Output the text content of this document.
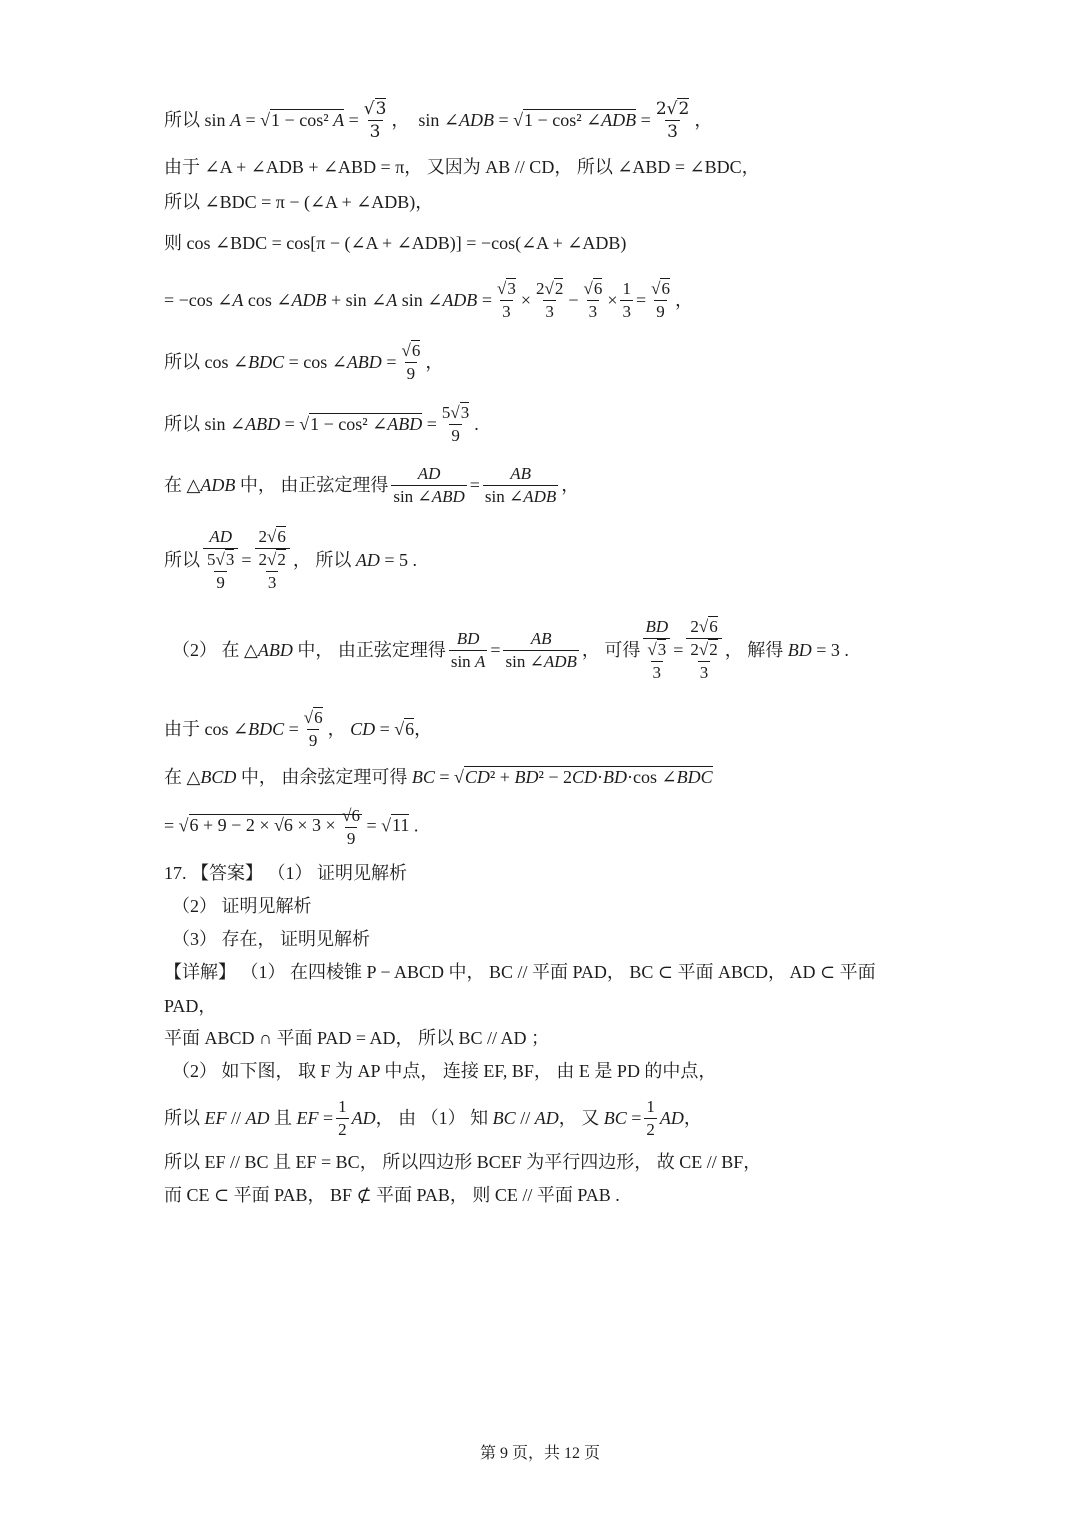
所以 sin A = √1 − cos² $A = \frac{√3}{3}$ ，  sin ∠ADB = √1 − cos² ∠ADB = $\frac{2√2}{3}$ ，
由于 ∠A + ∠ADB + ∠ABD = π， 又因为 AB // CD， 所以 ∠ABD = ∠BDC，
所以 ∠BDC = π − (∠A + ∠ADB)，
则 cos ∠BDC = cos[π − (∠A + ∠ADB)] = −cos(∠A + ∠ADB)
= −cos ∠A cos ∠ADB + sin ∠A sin ∠ADB = $\frac{√3}{3} \times \frac{2√2}{3} - \frac{√6}{3} \times \frac{1}{3} = \frac{√6}{9}$ ，
所以 cos ∠BDC = cos ∠ABD = $\frac{√6}{9}$ ，
所以 sin ∠ABD = √1 − cos² ∠ABD = $\frac{5√3}{9}$ .
在 △ADB 中， 由正弦定理得 $\frac{AD}{\text{sin ∠ABD}} = \frac{AB}{\text{sin ∠ADB}}$ ，
所以 $\frac{AD}{\frac{5√3}{9}} = \frac{2√6}{\frac{2√2}{3}}$ ， 所以 AD = 5 .
（2） 在 △ABD 中， 由正弦定理得 $\frac{BD}{\text{sin A}} = \frac{AB}{\text{sin ∠ADB}}$ ， 可得 $\frac{BD}{\frac{√3}{3}} = \frac{2√6}{\frac{2√2}{3}}$ ， 解得 BD = 3 .
由于 cos ∠BDC = $\frac{√6}{9}$ ， CD = √6，
在 △BCD 中， 由余弦定理可得 BC = √CD² + BD² − 2CD·BD·cos ∠BDC
= $√6 + 9 - 2 \times √6 \times 3 \times \frac{√6}{9} = √11$ .
17. 【答案】 （1） 证明见解析
（2） 证明见解析
（3） 存在， 证明见解析
【详解】 （1） 在四棱锥 P − ABCD 中， BC // 平面 PAD， BC ⊂ 平面 ABCD， AD ⊂ 平面
PAD，
平面 ABCD ∩ 平面 PAD = AD， 所以 BC // AD ；
（2） 如下图， 取 F 为 AP 中点， 连接 EF, BF， 由 E 是 PD 的中点，
所以 EF // AD 且 EF = $\frac{1}{2}$ AD， 由 （1） 知 BC // AD， 又 BC = $\frac{1}{2}$ AD，
所以 EF // BC 且 EF = BC， 所以四边形 BCEF 为平行四边形， 故 CE // BF，
而 CE ⊂ 平面 PAB， BF ⊄ 平面 PAB， 则 CE // 平面 PAB .
第 9 页，共 12 页
